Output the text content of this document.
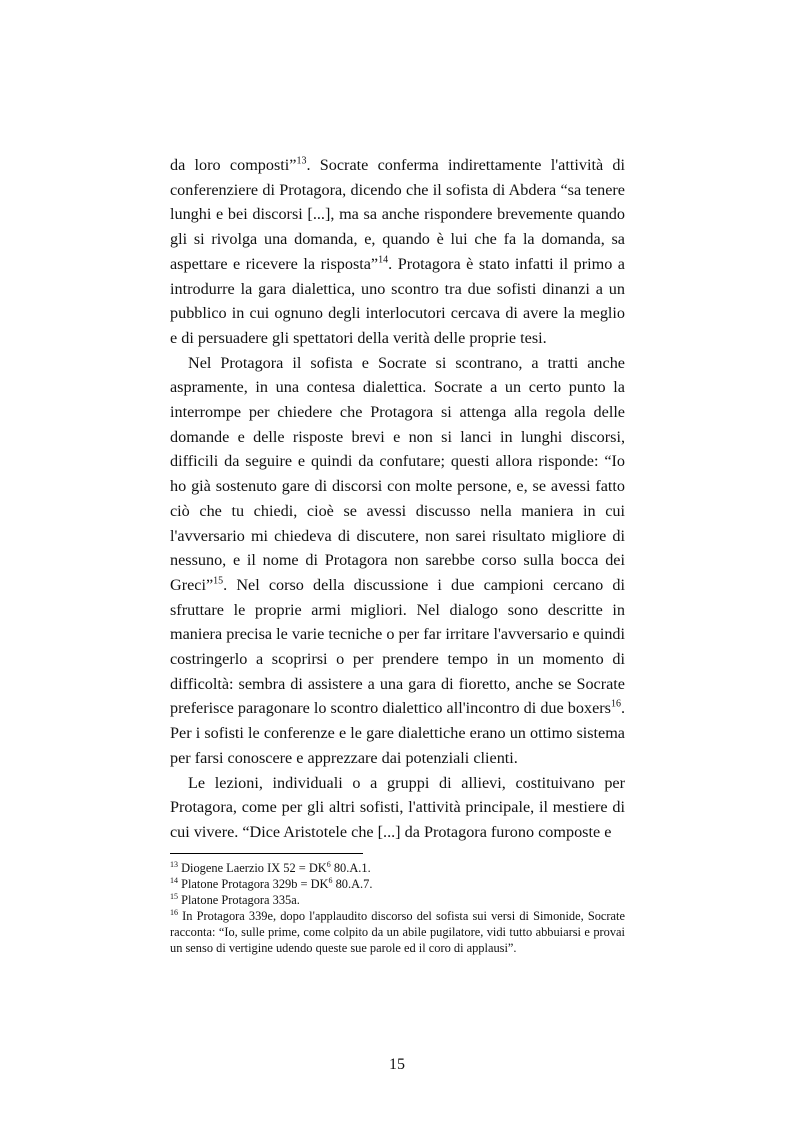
da loro composti”$^{13}$. Socrate conferma indirettamente l'attività di conferenziere di Protagora, dicendo che il sofista di Abdera “sa tenere lunghi e bei discorsi [...], ma sa anche rispondere brevemente quando gli si rivolga una domanda, e, quando è lui che fa la domanda, sa aspettare e ricevere la risposta”$^{14}$. Protagora è stato infatti il primo a introdurre la gara dialettica, uno scontro tra due sofisti dinanzi a un pubblico in cui ognuno degli interlocutori cercava di avere la meglio e di persuadere gli spettatori della verità delle proprie tesi.

Nel Protagora il sofista e Socrate si scontrano, a tratti anche aspramente, in una contesa dialettica. Socrate a un certo punto la interrompe per chiedere che Protagora si attenga alla regola delle domande e delle risposte brevi e non si lanci in lunghi discorsi, difficili da seguire e quindi da confutare; questi allora risponde: “Io ho già sostenuto gare di discorsi con molte persone, e, se avessi fatto ciò che tu chiedi, cioè se avessi discusso nella maniera in cui l'avversario mi chiedeva di discutere, non sarei risultato migliore di nessuno, e il nome di Protagora non sarebbe corso sulla bocca dei Greci”$^{15}$. Nel corso della discussione i due campioni cercano di sfruttare le proprie armi migliori. Nel dialogo sono descritte in maniera precisa le varie tecniche o per far irritare l'avversario e quindi costringerlo a scoprirsi o per prendere tempo in un momento di difficoltà: sembra di assistere a una gara di fioretto, anche se Socrate preferisce paragonare lo scontro dialettico all'incontro di due boxers$^{16}$. Per i sofisti le conferenze e le gare dialettiche erano un ottimo sistema per farsi conoscere e apprezzare dai potenziali clienti.

Le lezioni, individuali o a gruppi di allievi, costituivano per Protagora, come per gli altri sofisti, l'attività principale, il mestiere di cui vivere. “Dice Aristotele che [...] da Protagora furono composte e

$^{13}$ Diogene Laerzio IX $52 = DK^6$ 80.A.1.

$^{14}$ Platone Protagora $329b = DK^6$ 80.A.7.

$^{15}$ Platone Protagora 335a.

$^{16}$ In Protagora 339e, dopo l'applaudito discorso del sofista sui versi di Simonide, Socrate racconta: “Io, sulle prime, come colpito da un abile pugilatore, vidi tutto abbuiarsi e provai un senso di vertigine udendo queste sue parole ed il coro di applausi”.

15
